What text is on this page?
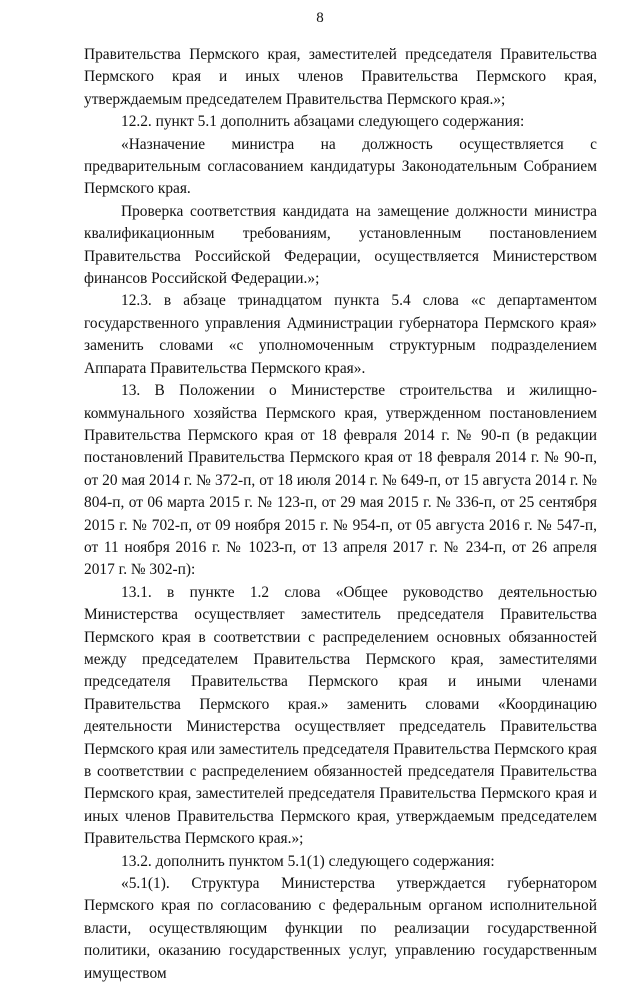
8

Правительства Пермского края, заместителей председателя Правительства Пермского края и иных членов Правительства Пермского края, утверждаемым председателем Правительства Пермского края.»;

12.2. пункт 5.1 дополнить абзацами следующего содержания:

«Назначение министра на должность осуществляется с предварительным согласованием кандидатуры Законодательным Собранием Пермского края.

Проверка соответствия кандидата на замещение должности министра квалификационным требованиям, установленным постановлением Правительства Российской Федерации, осуществляется Министерством финансов Российской Федерации.»;

12.3. в абзаце тринадцатом пункта 5.4 слова «с департаментом государственного управления Администрации губернатора Пермского края» заменить словами «с уполномоченным структурным подразделением Аппарата Правительства Пермского края».

13. В Положении о Министерстве строительства и жилищно-коммунального хозяйства Пермского края, утвержденном постановлением Правительства Пермского края от 18 февраля 2014 г. № 90-п (в редакции постановлений Правительства Пермского края от 18 февраля 2014 г. № 90-п, от 20 мая 2014 г. № 372-п, от 18 июля 2014 г. № 649-п, от 15 августа 2014 г. № 804-п, от 06 марта 2015 г. № 123-п, от 29 мая 2015 г. № 336-п, от 25 сентября 2015 г. № 702-п, от 09 ноября 2015 г. № 954-п, от 05 августа 2016 г. № 547-п, от 11 ноября 2016 г. № 1023-п, от 13 апреля 2017 г. № 234-п, от 26 апреля 2017 г. № 302-п):

13.1. в пункте 1.2 слова «Общее руководство деятельностью Министерства осуществляет заместитель председателя Правительства Пермского края в соответствии с распределением основных обязанностей между председателем Правительства Пермского края, заместителями председателя Правительства Пермского края и иными членами Правительства Пермского края.» заменить словами «Координацию деятельности Министерства осуществляет председатель Правительства Пермского края или заместитель председателя Правительства Пермского края в соответствии с распределением обязанностей председателя Правительства Пермского края, заместителей председателя Правительства Пермского края и иных членов Правительства Пермского края, утверждаемым председателем Правительства Пермского края.»;

13.2. дополнить пунктом 5.1(1) следующего содержания:

«5.1(1). Структура Министерства утверждается губернатором Пермского края по согласованию с федеральным органом исполнительной власти, осуществляющим функции по реализации государственной политики, оказанию государственных услуг, управлению государственным имуществом
